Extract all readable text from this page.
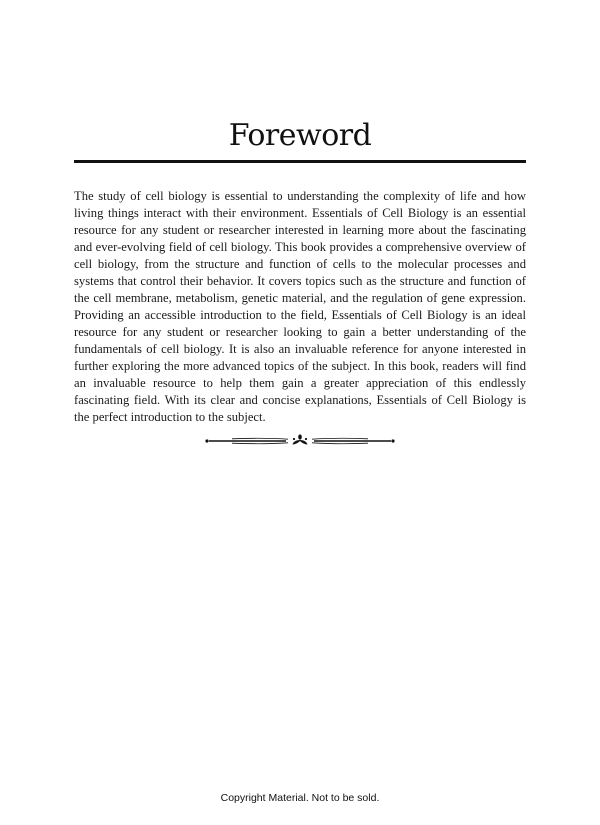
Foreword

The study of cell biology is essential to understanding the complexity of life and how living things interact with their environment. Essentials of Cell Biology is an essential resource for any student or researcher interested in learning more about the fascinating and ever-evolving field of cell biology. This book provides a comprehensive overview of cell biology, from the structure and function of cells to the molecular processes and systems that control their behavior. It covers topics such as the structure and function of the cell membrane, metabolism, genetic material, and the regulation of gene expression. Providing an accessible introduction to the field, Essentials of Cell Biology is an ideal resource for any student or researcher looking to gain a better understanding of the fundamentals of cell biology. It is also an invaluable reference for anyone interested in further exploring the more advanced topics of the subject. In this book, readers will find an invaluable resource to help them gain a greater appreciation of this endlessly fascinating field. With its clear and concise explanations, Essentials of Cell Biology is the perfect introduction to the subject.

Copyright Material. Not to be sold.
